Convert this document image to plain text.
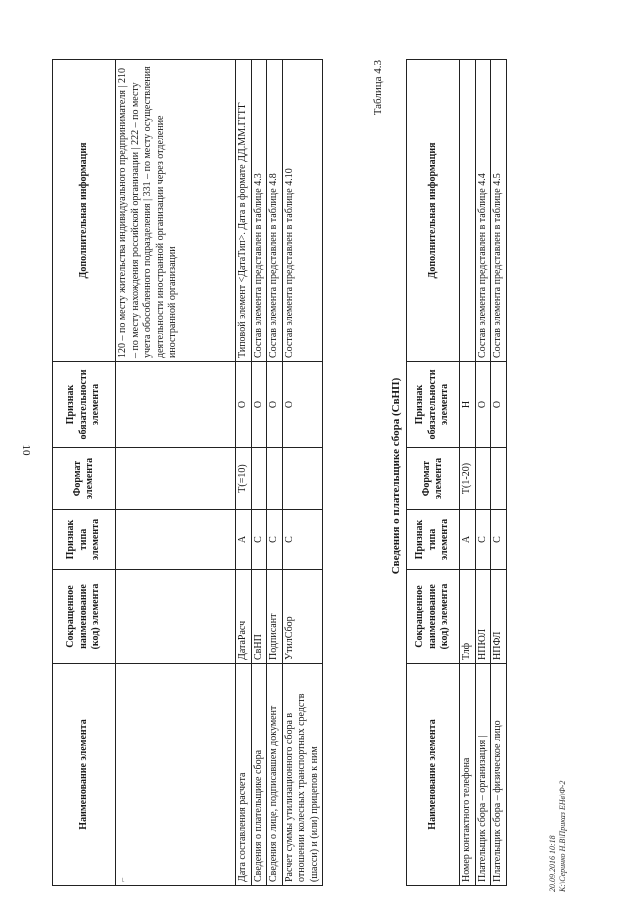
10
Наименование элемента	Сокращенное наименование (код) элемента	Признак типа элемента	Формат элемента	Признак обязательности элемента	Дополнительная информация
⌐					120 – по месту жительства индивидуального предпринимателя | 210 – по месту нахождения российской организации | 222 – по месту учета обособленного подразделения | 331 – по месту осуществления деятельности иностранной организации через отделение иностранной организации
Дата составления расчета	ДатаРасч	А	Т(=10)	О	Типовой элемент <ДатаТип>. Дата в формате ДД.ММ.ГГГГ
Сведения о плательщике сбора	СвНП	С		О	Состав элемента представлен в таблице 4.3
Сведения о лице, подписавшем документ	Подписант	С		О	Состав элемента представлен в таблице 4.8
Расчет суммы утилизационного сбора в отношении колесных транспортных средств (шасси) и (или) прицепов к ним	УтилСбор	С		О	Состав элемента представлен в таблице 4.10
Таблица 4.3
Сведения о плательщике сбора (СвНП)
Наименование элемента	Сокращенное наименование (код) элемента	Признак типа элемента	Формат элемента	Признак обязательности элемента	Дополнительная информация
Номер контактного телефона	Тлф	А	Т(1-20)	Н	
Плательщик сбора – организация |	НПЮЛ	С		О	Состав элемента представлен в таблице 4.4
Плательщик сбора – физическое лицо	НПФЛ	С		О	Состав элемента представлен в таблице 4.5
20.09.2016 10:18 К:\Серинко Н.В\Приказ ЕНв\Ф-2
